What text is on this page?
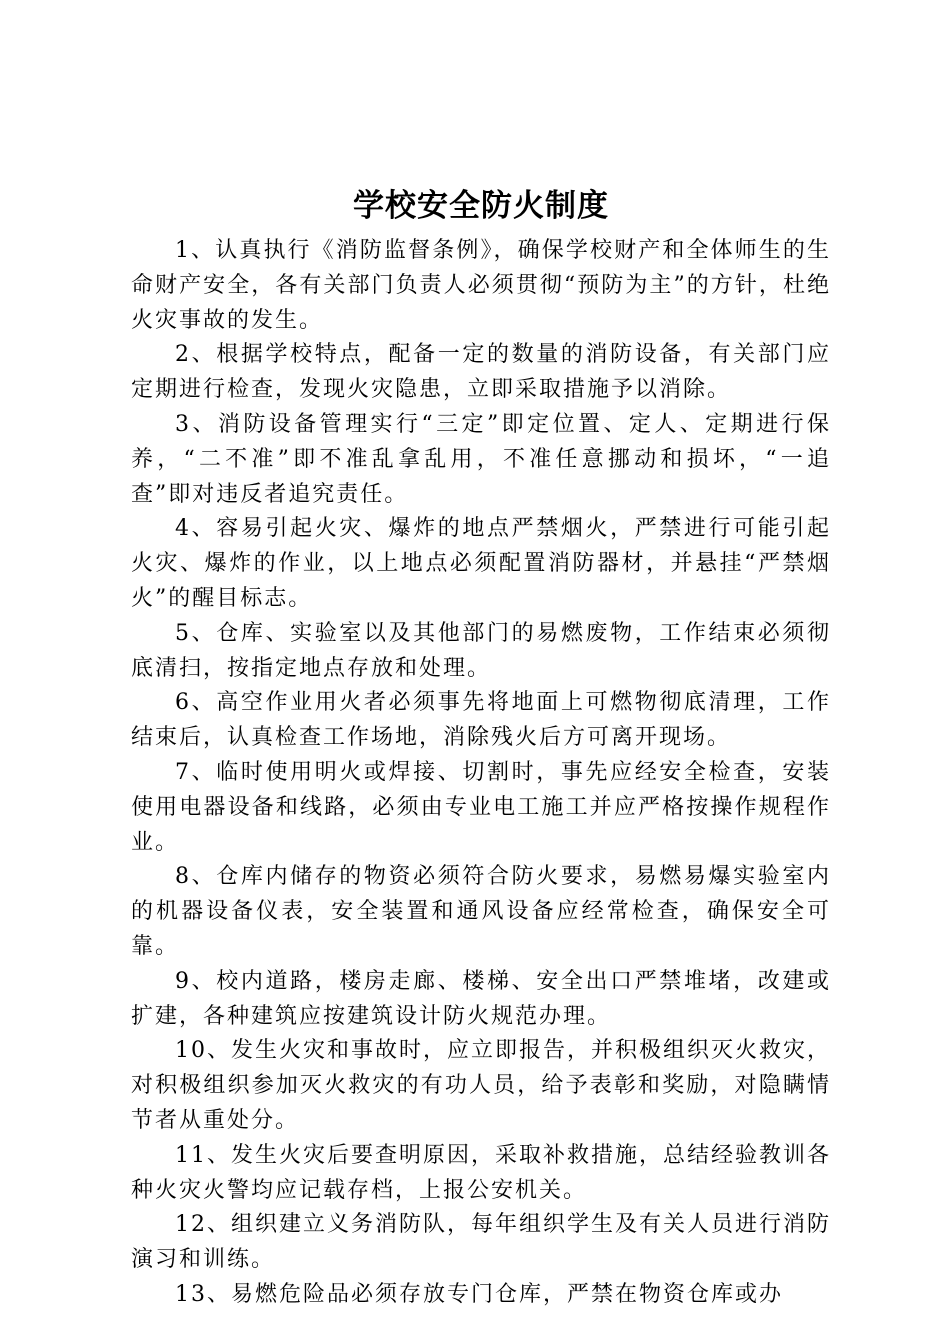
学校安全防火制度

1、认真执行《消防监督条例》，确保学校财产和全体师生的生命财产安全，各有关部门负责人必须贯彻“预防为主”的方针，杜绝火灾事故的发生。

2、根据学校特点，配备一定的数量的消防设备，有关部门应定期进行检查，发现火灾隐患，立即采取措施予以消除。

3、消防设备管理实行“三定”即定位置、定人、定期进行保养，“二不准”即不准乱拿乱用，不准任意挪动和损坏，“一追查”即对违反者追究责任。

4、容易引起火灾、爆炸的地点严禁烟火，严禁进行可能引起火灾、爆炸的作业，以上地点必须配置消防器材，并悬挂“严禁烟火”的醒目标志。

5、仓库、实验室以及其他部门的易燃废物，工作结束必须彻底清扫，按指定地点存放和处理。

6、高空作业用火者必须事先将地面上可燃物彻底清理，工作结束后，认真检查工作场地，消除残火后方可离开现场。

7、临时使用明火或焊接、切割时，事先应经安全检查，安装使用电器设备和线路，必须由专业电工施工并应严格按操作规程作业。

8、仓库内储存的物资必须符合防火要求，易燃易爆实验室内的机器设备仪表，安全装置和通风设备应经常检查，确保安全可靠。

9、校内道路，楼房走廊、楼梯、安全出口严禁堆堵，改建或扩建，各种建筑应按建筑设计防火规范办理。

10、发生火灾和事故时，应立即报告，并积极组织灭火救灾，对积极组织参加灭火救灾的有功人员，给予表彰和奖励，对隐瞒情节者从重处分。

11、发生火灾后要查明原因，采取补救措施，总结经验教训各种火灾火警均应记载存档，上报公安机关。

12、组织建立义务消防队，每年组织学生及有关人员进行消防演习和训练。

13、易燃危险品必须存放专门仓库，严禁在物资仓库或办
